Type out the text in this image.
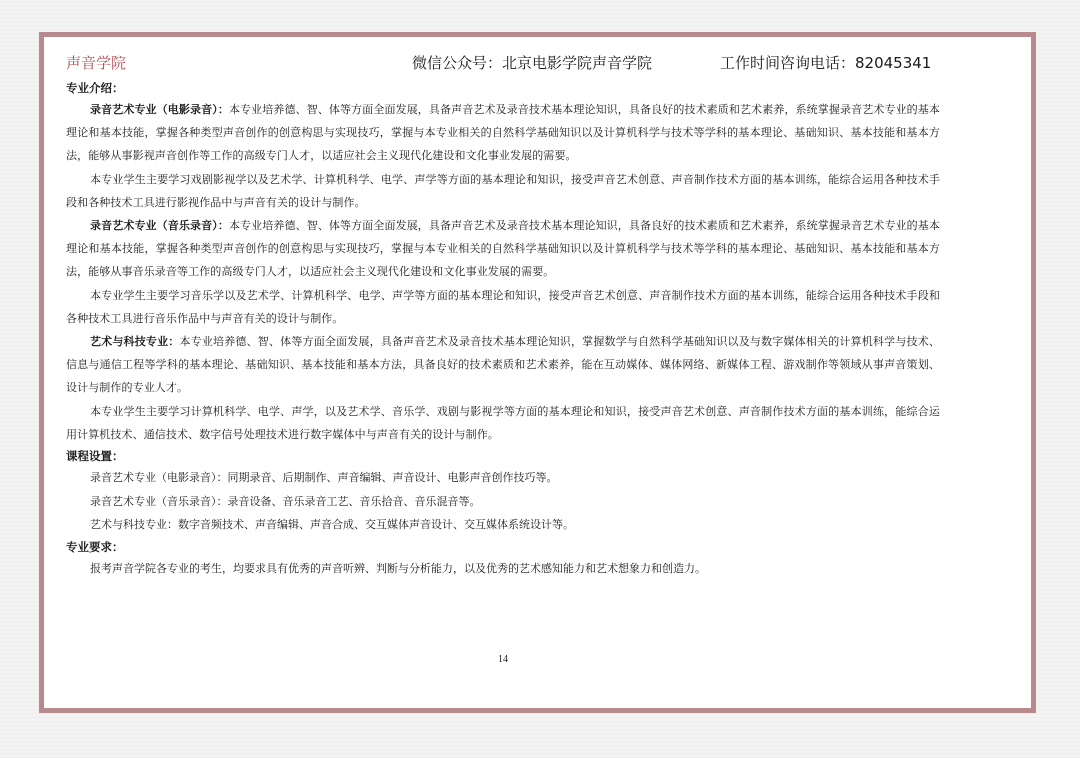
声音学院	微信公众号：北京电影学院声音学院	工作时间咨询电话：82045341

专业介绍：

录音艺术专业（电影录音）：本专业培养德、智、体等方面全面发展，具备声音艺术及录音技术基本理论知识，具备良好的技术素质和艺术素养，系统掌握录音艺术专业的基本理论和基本技能，掌握各种类型声音创作的创意构思与实现技巧，掌握与本专业相关的自然科学基础知识以及计算机科学与技术等学科的基本理论、基础知识、基本技能和基本方法，能够从事影视声音创作等工作的高级专门人才，以适应社会主义现代化建设和文化事业发展的需要。

本专业学生主要学习戏剧影视学以及艺术学、计算机科学、电学、声学等方面的基本理论和知识，接受声音艺术创意、声音制作技术方面的基本训练，能综合运用各种技术手段和各种技术工具进行影视作品中与声音有关的设计与制作。

录音艺术专业（音乐录音）：本专业培养德、智、体等方面全面发展，具备声音艺术及录音技术基本理论知识，具备良好的技术素质和艺术素养，系统掌握录音艺术专业的基本理论和基本技能，掌握各种类型声音创作的创意构思与实现技巧，掌握与本专业相关的自然科学基础知识以及计算机科学与技术等学科的基本理论、基础知识、基本技能和基本方法，能够从事音乐录音等工作的高级专门人才，以适应社会主义现代化建设和文化事业发展的需要。

本专业学生主要学习音乐学以及艺术学、计算机科学、电学、声学等方面的基本理论和知识，接受声音艺术创意、声音制作技术方面的基本训练，能综合运用各种技术手段和各种技术工具进行音乐作品中与声音有关的设计与制作。

艺术与科技专业：本专业培养德、智、体等方面全面发展，具备声音艺术及录音技术基本理论知识，掌握数学与自然科学基础知识以及与数字媒体相关的计算机科学与技术、信息与通信工程等学科的基本理论、基础知识、基本技能和基本方法，具备良好的技术素质和艺术素养，能在互动媒体、媒体网络、新媒体工程、游戏制作等领域从事声音策划、设计与制作的专业人才。

本专业学生主要学习计算机科学、电学、声学，以及艺术学、音乐学、戏剧与影视学等方面的基本理论和知识，接受声音艺术创意、声音制作技术方面的基本训练，能综合运用计算机技术、通信技术、数字信号处理技术进行数字媒体中与声音有关的设计与制作。

课程设置：

录音艺术专业（电影录音）：同期录音、后期制作、声音编辑、声音设计、电影声音创作技巧等。

录音艺术专业（音乐录音）：录音设备、音乐录音工艺、音乐拾音、音乐混音等。

艺术与科技专业：数字音频技术、声音编辑、声音合成、交互媒体声音设计、交互媒体系统设计等。

专业要求：

报考声音学院各专业的考生，均要求具有优秀的声音听辨、判断与分析能力，以及优秀的艺术感知能力和艺术想象力和创造力。

14
